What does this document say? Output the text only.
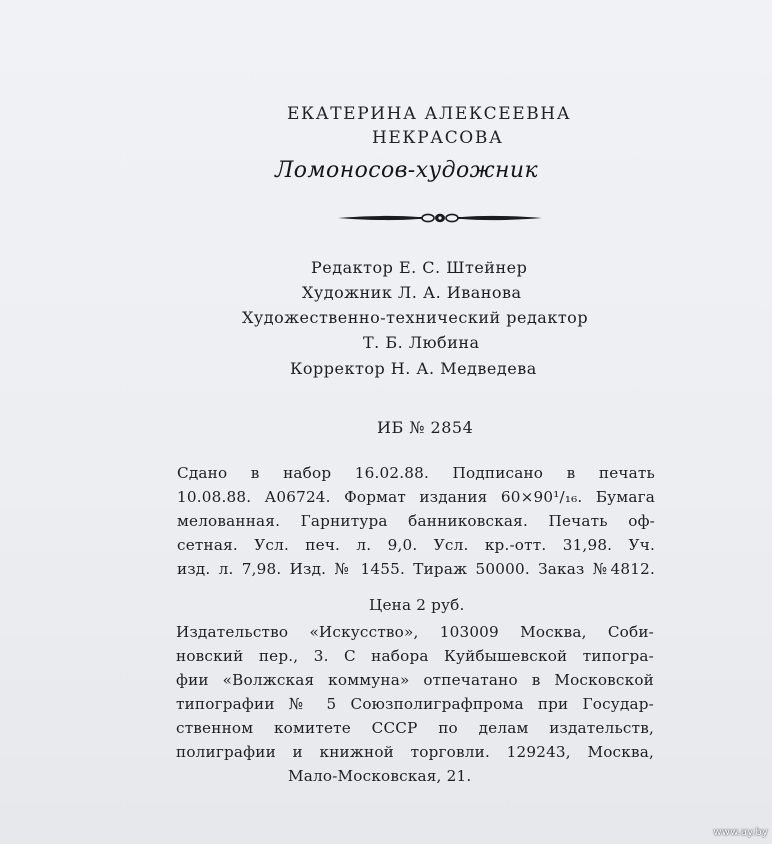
ЕКАТЕРИНА АЛЕКСЕЕВНА
НЕКРАСОВА
Ломоносов-художник
Редактор Е. С. Штейнер
Художник Л. А. Иванова
Художественно-технический редактор
Т. Б. Любина
Корректор Н. А. Медведева
ИБ № 2854
Сдано в набор 16.02.88. Подписано в печать
10.08.88. А06724. Формат издания 60×90¹/₁₆. Бумага
мелованная. Гарнитура банниковская. Печать оф-
сетная. Усл. печ. л. 9,0. Усл. кр.-отт. 31,98. Уч.
изд. л. 7,98. Изд. № 1455. Тираж 50000. Заказ №4812.
Цена 2 руб.
Издательство «Искусство», 103009 Москва, Соби-
новский пер., 3. С набора Куйбышевской типогра-
фии «Волжская коммуна» отпечатано в Московской
типографии № 5 Союзполиграфпрома при Государ-
ственном комитете СССР по делам издательств,
полиграфии и книжной торговли. 129243, Москва,
Мало-Московская, 21.
www.ay.by
